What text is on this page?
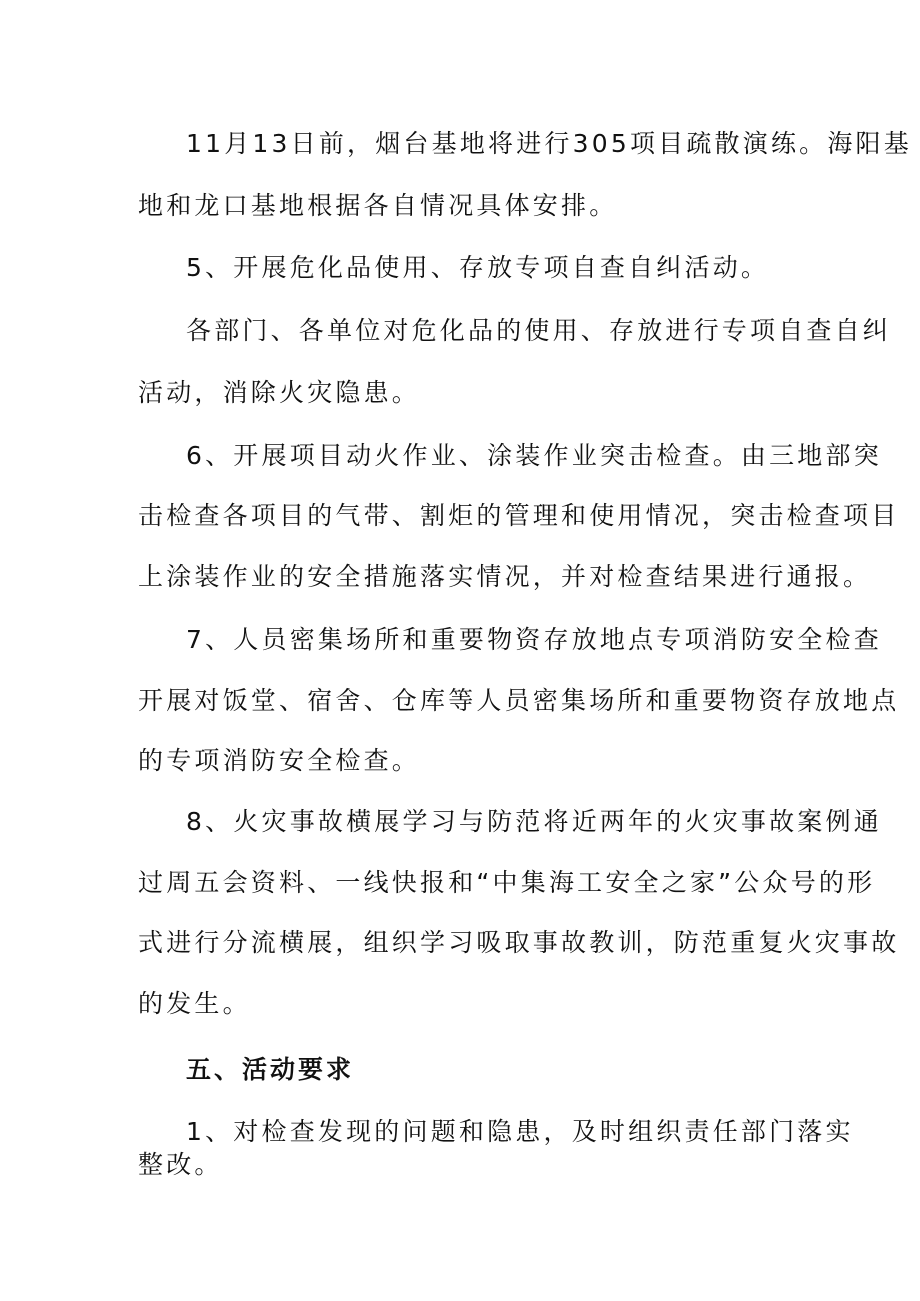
11月13日前，烟台基地将进行305项目疏散演练。海阳基
地和龙口基地根据各自情况具体安排。
5、开展危化品使用、存放专项自查自纠活动。
各部门、各单位对危化品的使用、存放进行专项自查自纠
活动，消除火灾隐患。
6、开展项目动火作业、涂装作业突击检查。由三地部突
击检查各项目的气带、割炬的管理和使用情况，突击检查项目
上涂装作业的安全措施落实情况，并对检查结果进行通报。
7、人员密集场所和重要物资存放地点专项消防安全检查
开展对饭堂、宿舍、仓库等人员密集场所和重要物资存放地点
的专项消防安全检查。
8、火灾事故横展学习与防范将近两年的火灾事故案例通
过周五会资料、一线快报和“中集海工安全之家”公众号的形
式进行分流横展，组织学习吸取事故教训，防范重复火灾事故
的发生。
五、活动要求
1、对检查发现的问题和隐患，及时组织责任部门落实
整改。
